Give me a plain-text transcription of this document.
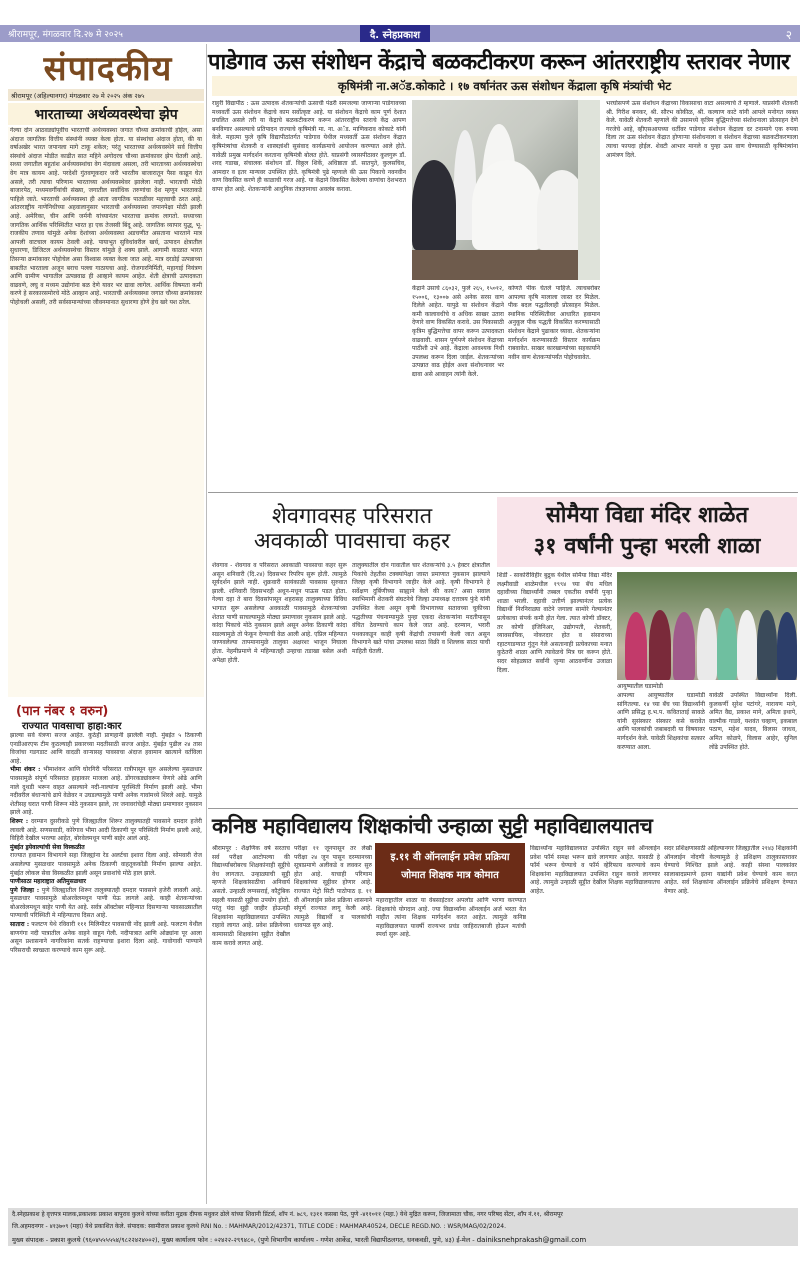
श्रीरामपूर, मंगळवार दि.२७ मे २०२५	दै. स्नेहप्रकाश	२
संपादकीय
श्रीरामपूर (अहिल्यानगर) मंगळवार २७ मे २०२५ अंक २७५
भारताच्या अर्थव्यवस्थेचा झेप
गेल्या दोन आठवड्यांपूर्वीच भारताची अर्थव्यवस्था जगात चौथ्या क्रमांकाची होईल, असा अंदाज जागतिक वित्तीय संस्थांनी व्यक्त केला होता. या संस्थांचा अंदाज होता, की या वर्षाअखेर भारत जपानला मागे टाकू शकेल; परंतु भारताच्या अर्थव्यवस्थेने सर्व वित्तीय संस्थांचे अंदाज मोडीत काढीत सात महिने अगोदरच चौथ्या क्रमांकावर झेप घेतली आहे. सध्या जगातील बहुतांश अर्थव्यवस्थांचा वेग मंदावला असला, तरी भारताच्या अर्थव्यवस्थेचा वेग मात्र कायम आहे. परदेशी गुंतवणूकदार जरी भारतीय बाजारातून पैसा काढून घेत असले, तरी त्याचा परिणाम भारताच्या अर्थव्यवस्थेवर झालेला नाही. भारताची मोठी बाजारपेठ, मध्यमवर्गीयांची संख्या, जगातील सर्वाधिक तरुणांचा देश म्हणून भारताकडे पाहिले जाते. भारताची अर्थव्यवस्था ही आता जागतिक पातळीवर महत्त्वाची ठरत आहे. आंतरराष्ट्रीय नाणेनिधीच्या अहवालानुसार भारताची अर्थव्यवस्था जपानपेक्षा मोठी झाली आहे. अमेरिका, चीन आणि जर्मनी यांच्यानंतर भारताचा क्रमांक लागतो. सध्याच्या जागतिक आर्थिक परिस्थितीत भारत हा एक तेजस्वी बिंदू आहे. जागतिक व्यापार युद्ध, भू-राजकीय तणाव यांमुळे अनेक देशांच्या अर्थव्यवस्था अडचणीत असताना भारताने मात्र आपली वाटचाल कायम ठेवली आहे. पायाभूत सुविधांवरील खर्च, उत्पादन क्षेत्रातील सुधारणा, डिजिटल अर्थव्यवस्थेचा विस्तार यांमुळे हे शक्य झाले. आगामी काळात भारत तिसऱ्या क्रमांकावर पोहोचेल असा विश्वास व्यक्त केला जात आहे. मात्र दरडोई उत्पन्नाच्या बाबतीत भारताला अजून बराच पल्ला गाठायचा आहे. रोजगारनिर्मिती, महागाई नियंत्रण आणि ग्रामीण भागातील उत्पन्नवाढ ही आव्हाने कायम आहेत. शेती क्षेत्राची उत्पादकता वाढवणे, लघु व मध्यम उद्योगांना बळ देणे यावर भर द्यावा लागेल. आर्थिक विषमता कमी करणे हे सरकारसमोरचे मोठे आव्हान आहे. भारताची अर्थव्यवस्था जगात चौथ्या क्रमांकावर पोहोचली असली, तरी सर्वसामान्यांच्या जीवनमानात सुधारणा होणे हेच खरे यश ठरेल.
पाडेगाव ऊस संशोधन केंद्राचे बळकटीकरण करून आंतरराष्ट्रीय स्तरावर नेणार
कृषिमंत्री ना.अॅड.कोकाटे । १७ वर्षानंतर ऊस संशोधन केंद्राला कृषि मंत्र्यांची भेट
राहुरी विद्यापीठ : ऊस उत्पादक शेतकऱ्यांची ऊसाची पंढरी समजल्या जाणार्‍या पाडेगावच्या मध्यवर्ती ऊस संशोधन केंद्राचे काम सर्वोत्कृष्ट आहे. या संशोधन केंद्राचे काम पूर्ण देशात प्रचलित असले तरी या केंद्राचे बळकटीकरण करून आंतरराष्ट्रीय स्तराचे केंद्र आपण बनविणार असल्याचे प्रतिपादन राज्याचे कृषिमंत्री मा. ना. अॅड. माणिकराव कोकाटे यांनी केले. महात्मा फुले कृषि विद्यापीठांतर्गत पाडेगाव येथील मध्यवर्ती ऊस संशोधन केंद्रात कृषिमंत्र्यांचा शेतकरी व शास्त्रज्ञांशी सुसंवाद कार्यक्रमाचे आयोजन करण्यात आले होते. यावेळी प्रमुख मार्गदर्शन करताना कृषिमंत्री बोलत होते. याप्रसंगी व्यासपीठावर कुलगुरू डॉ. शरद गडाख, संचालक संशोधन डॉ. विठ्ठल शिर्के, अधिष्ठाता डॉ. सातपुते, कुलसचिव, आमदार व इतर मान्यवर उपस्थित होते. कृषिमंत्री पुढे म्हणाले की ऊस पिकाचे नवनवीन वाण विकसित करणे ही काळाची गरज आहे. या केंद्राने विकसित केलेल्या वाणांचा देशभरात वापर होत आहे. शेतकऱ्यांनी आधुनिक तंत्रज्ञानाचा अवलंब करावा.
केंद्राने उसाचे ८६०३२, फुले २६५, १५०१२, १५००६, १३००७ असे अनेक सरस वाण दिलेले आहेत. यापुढे या संशोधन केंद्राने कमी कालावधीचे व अधिक साखर उतारा देणारे वाण विकसित करावे. उस पिकासाठी कृत्रिम बुद्धिमत्तेचा वापर करून उत्पादकता वाढवावी. शासन पूर्णपणे संशोधन केंद्राच्या पाठीशी उभे आहे. केंद्राला आवश्यक निधी उपलब्ध करून दिला जाईल. शेतकऱ्यांच्या उत्पन्नात वाढ होईल अशा संशोधनावर भर द्यावा असे आवाहन त्यांनी केले.
कोणते पीक घेतले पाहिजे. त्याचबरोबर आपल्या कृषि मालाला जास्त दर मिळेल. पीक बदल पद्धतीलाही प्रोत्साहन मिळेल. स्थानिक परिस्थितीवर आधारित हवामान अनुकूल पीक पद्धती विकसित करण्यासाठी संशोधन केंद्राने पुढाकार घ्यावा. शेतकऱ्यांना मार्गदर्शन करण्यासाठी विस्तार कार्यक्रम राबवावेत. साखर कारखान्यांच्या सहकार्याने नवीन वाण शेतकऱ्यांपर्यंत पोहोचवावेत.
भरघोसपणे ऊस संशोधन केंद्राच्या विकासाचा वाटा असल्याचे ते म्हणाले. याप्रसंगी शेतकरी श्री. गिरीश बनकर, श्री. सौरभ कोकीळ, श्री. कल्याण काटे यांनी आपले मनोगत व्यक्त केले. यावेळी शेतकरी म्हणाले की उसामध्ये कृत्रिम बुद्धिमत्तेच्या संशोधनाला प्रोत्साहन देणे गरजेचे आहे, व्हीएसआयच्या धर्तीवर पाडेगाव संशोधन केंद्राला दर टनामागे एक रुपया दिला तर ऊस संशोधन केंद्रात होणार्‍या संशोधनाला व संशोधन केंद्राच्या बळकटीकरणाला त्याचा फायदा होईल. शेवटी आभार मानले व पुन्हा ऊस वाण घेण्यासाठी कृषिमंत्र्यांना आमंत्रण दिले.
शेवगावसह परिसरात
अवकाळी पावसाचा कहर
शेवगाव - शेवगाव व परिसरात अवकाळी पावसाचा कहर सुरू असून शनिवारी (दि.२४) दिवसभर रिपरिप सुरू होती. त्यामुळे सूर्यदर्शन झाले नाही. शुक्रवारी सायंकाळी पावसास सुरुवात झाली. शनिवारी दिवसभरही अधून-मधून पाऊस पडत होता. गेल्या दहा ते बारा दिवसांपासून शहरासह तालुक्याच्या विविध भागात सुरू असलेल्या अवकाळी पावसामुळे शेतकऱ्यांच्या शेतात पाणी साचल्यामुळे मोठ्या प्रमाणावर नुकसान झाले आहे. कांदा पिकाचे मोठे नुकसान झाले असून अनेक ठिकाणी कांदा सडल्यामुळे तो फेकून देण्याची वेळ आली आहे. एप्रिल महिन्यात जाणवलेल्या तापमानामुळे तालुका अक्षरशः भाजून निघाला होता. नेहमीप्रमाणे मे महिन्यातही उन्हाचा तडाखा बसेल अशी अपेक्षा होती.
तालुक्यातील दोन गावातील चार शेतकऱ्यांचे ३.५ हेक्टर क्षेत्रातील पिकांचे तेहतीस टक्क्यांपेक्षा जास्त प्रमाणात नुकसान झाल्याने जिल्हा कृषी विभागाने जाहीर केले आहे. कृषी विभागाने हे सर्वेक्षण दुर्बिणीच्या साह्याने केले की काय? असा सवाल स्वाभिमानी शेतकरी संघटनेचे जिल्हा उपाध्यक्ष दत्तात्रय फुंदे यांनी उपस्थित केला असून कृषी विभागाच्या सतावच्या चुकीच्या पद्धतीच्या पंचनाम्यामुळे पुन्हा एकदा शेतकऱ्यांना मदतीपासून वंचित ठेवण्याचे काम केले जात आहे. दरम्यान, भरारी पथकाकडून काही कृषी केंद्रांची तपासणी केली जात असून विभागाने खते पांचा उपलब्ध साठा विक्री व शिल्लक साठा याची माहिती घेतली.
सोमैया विद्या मंदिर शाळेत
३१ वर्षांनी पुन्हा भरली शाळा
शिर्डी - साकोरीविहीर बुद्रुक येथील सोमैया विद्या मंदिर लक्ष्मीवाडी शाळेमधील १९९४ च्या बॅच मधिल दहावीच्या विद्यार्थ्यांनी तब्बल एकतीस वर्षांनी पुन्हा शाळा भरली. दहावी उत्तीर्ण झाल्यानंतर प्रत्येक विद्यार्थी निरनिराळ्या वाटेने जगाला सामोरे गेल्यानंतर प्रत्येकाचा संपर्क कमी होत गेला. त्यात कोणी डॉक्टर, तर कोणी इंजिनिअर, उद्योगपती, शेतकरी, व्यावसायिक, नोकरदार होत व संसाराच्या रहाटगाडग्यात गुंतून गेले असतानाही प्रत्येकाच्या मनात कुठेतरी शाळा आणि त्यावेळचे मित्र घर करून होते. सदर सोहळ्यात सर्वांनी जुन्या आठवणींना उजाळा दिला.
आयुष्यातील घडामोडी
आपल्या आयुष्यातील घडामोडी सांगितल्या. १४ च्या बॅच च्या विद्यार्थ्यांनी आणि प्रसिद्ध ह.भ.प. कविताताई सावळे यांनी सुसंस्कार संस्कार कसे करावेत आणि पालकांची जबाबदारी या विषयावर मार्गदर्शन केले. यावेळी शिक्षकांचा सत्कार करण्यात आला.
यावेळी उपस्थित विद्यार्थ्यांना दिली. कुलकर्णी सुरेश पटांगरे, नारायण माने, अमित वैद्य, प्रकाश माने, अमिता इथापे, वाल्मीक गाडवे, यशवंत चव्हाण, इकबाल पठाण, महेश यादव, विलास जाधव, अमित कोळपे, विलास आहेर, सुनिल लोंढे उपस्थित होते.
(पान नंबर १ वरुन)
राज्यात पावसाचा हाहा:कार

झाल्या सर्व यंत्रणा सज्ज आहेत. कुठेही प्राणहानी झालेली नाही. मुंबईत ५ ठिकाणी एनडीआरएफ टीम कुठल्याही प्रकारच्या मदतीसाठी सज्ज आहेत. मुंबईत पुढील २४ तास विजांचा गडगडाट आणि वादळी वाऱ्यासह पावसाचा अंदाज हवामान खात्याने वर्तविला आहे.

भीमा शंकर : भीमाशंकर आणि घोरगिरी परिसरात रात्रीपासून सुरु असलेल्या मुसळधार पावसामुळे संपूर्ण परिसरात हाहाकार माजला आहे. डोंगरकड्यांवरून येणारे ओढे आणि नाले दुथडी भरून वाहत असल्याने नदी-नाल्यांना पूरस्थिती निर्माण झाली आहे. भीमा नदीवरील बंधाऱ्यांचे ढापे वेळेवर न उघडल्यामुळे पाणी अनेक गावांमध्ये शिरले आहे. यामुळे शेतीसह घरात पाणी शिरून मोठे नुकसान झाले, तर जनावरांचेही मोठ्या प्रमाणावर नुकसान झाले आहे.

शिरूर : दरम्यान दुसरीकडे पुणे जिल्ह्यातील शिरूर तालुक्यातही पावसाने दमदार हजेरी लावली आहे. सणसवाडी, कोरेगाव भीमा आदी ठिकाणी पूर परिस्थिती निर्माण झाली आहे, विहिरी देखील भरल्या आहेत, बोरवेलमधून पाणी बाहेर आलं आहे.

मुंबईत ड्रयेवाल्यांची सेवा विस्कळीत

राज्यात हवामान विभागाने सहा जिल्ह्यांना रेड अलर्टचा इशारा दिला आहे. सोमवारी रोज असलेल्या मुसळधार पावसामुळे अनेक ठिकाणी वाहतूककोंडी निर्माण झाल्या आहेत. मुंबईत लोकल सेवा विस्कळीत झाली असून प्रवाशांचे मोठे हाल झाले.

पाणीसाठा महाराष्ट्रात अतिमुसळधार

पुणे जिल्हा : पुणे जिल्ह्यातील शिरूर तालुक्यातही दमदार पावसाने हजेरी लावली आहे. मुसळधार पावसामुळे बोअरवेलमधून पाणी येऊ लागले आहे. काही शेतकऱ्यांच्या बोअरवेलमधून बाहेर पाणी येत आहे. सर्वत्र ऑक्टोबर महिन्यात दिसणाऱ्या पावसाळ्यातील पाण्याची परिस्थिती मे महिन्यातच दिसत आहे.

सातारा : फलटण येथे रविवारी १११ मिलिमीटर पावसाची नोंद झाली आहे. फलटण येथील बाणगंगा नदी पात्रातील अनेक वाहने वाहून गेली. नदीपात्रात आणि ओढ्यांना पूर आला असून प्रशासनाने नागरिकांना सतर्क राहण्याचा इशारा दिला आहे. गावोगावी पाण्याने परिसराची स्वच्छता करण्याचे काम सुरू आहे.

कनिष्ठ महाविद्यालय शिक्षकांची उन्हाळा सुट्टी महाविद्यालयातच
श्रीरामपूर : शैक्षणिक वर्ष सरताच सर्व परीक्षा आटोपल्या की विद्यार्थ्यांबरोबरच शिक्षकांनाही सुट्टीचे वेध लागतात. उन्हाळ्याची सुट्टी म्हणजे शिक्षकांसाठीचा अनिवार्य असतो. उन्हाळी लग्नसराई, कौटुंबिक सहली यासाठी सुट्टीचा उपयोग होतो. परंतु यंदा सुट्टी जाहीर होऊनही शिक्षकांना महाविद्यालयात उपस्थित राहावे लागत आहे. प्रवेश प्रक्रियेच्या कामासाठी शिक्षकांना सुट्टीत देखील काम करावे लागत आहे.
परीक्षा ११ जूनपासून तर लेखी परीक्षा २४ जून पासून दरम्यानच्या सूत्राप्रमाणे अलीकडे व लवकर सुरु होत आहे. याचाही परिणाम शिक्षकांच्या सुट्टीवर होणार आहे. राज्यात मेट्रो सिटी पाठोपाठ इ. ११ वी ऑनलाईन प्रवेश प्रक्रिया शासनाने संपूर्ण राज्यात लागू केली आहे. त्यामुळे विद्यार्थी व पालकांची धावपळ सुरु आहे.
इ.११ वी ऑनलाईन प्रवेश प्रक्रिया
जोमात शिक्षक मात्र कोमात
महाराष्ट्रातील शाळा या वेबसाईटवर अपलोड आणि भरणा करण्यात शिक्षकांचे योगदान आहे. ज्या विद्यार्थ्यांना ऑनलाईन अर्ज भरता येत नाहीत त्यांना शिक्षक मार्गदर्शन करत आहेत. त्यामुळे कनिष्ठ महाविद्यालयात यावर्षी राज्यभर प्रचंड जाहिरातबाजी होऊन मतांची स्पर्धा सुरू आहे.
विद्यार्थ्यांना महाविद्यालयात उपस्थित राहून सर्व ऑनलाईन प्रवेश फॉर्म समक्ष भरून द्यावे लागणार आहेत. यासाठी हे फॉर्म भरून घेण्याचे व फॉर्म व्हेरिफाय करण्याचे काम शिक्षकांना महाविद्यालयात उपस्थित राहून करावे लागणार आहे. त्यामुळे उन्हाळी सुट्टीत देखील शिक्षक महाविद्यालयातच आहेत.
सदर प्रशिक्षणासाठी अहिल्यानगर जिल्ह्यातील २१४३ शिक्षकांनी ऑनलाईन नोंदणी केल्यामुळे हे प्रशिक्षण तालुकास्तरावर घेण्याचे निश्चित झाले आहे. काही संस्था पालकांवर सालाबादप्रमाणे इतना याद्यांनी प्रवेश घेण्याचे काम करत आहेत. सर्व शिक्षकांना ऑनलाईन प्रक्रियेचे प्रशिक्षण देण्यात येणार आहे.
दै.स्नेहप्रकाश हे वृत्तपत्र मालक,प्रकाशक प्रकाश बापुराव कुलथे यांच्या करीता मुद्रक दीपक मधुकर ढोले यांच्या शिवानी प्रिंटर्स, शॉप नं. ७८९, १३११ कसबा पेठ, पुणे -४११०११ (महा.) येथे मुद्रित करून, जिजामाता चौक, नगर परिषद सेंटर, शॉप नं.११, श्रीरामपूर
जि.अहमदनगर - ४१३७०९ (महा) येथे प्रकाशित केले. संपादक: स्वामीराज प्रकाश कुलथे RNI No. : MAHMAR/2012/42371, TITLE CODE : MAHMAR40524, DECLE REGD.NO. : WSR/MAG/02/2024.
मुख्य संपादक - प्रकाश कुलथे (९६०४५५५५५४/९८२२४२४००२), मुख्य कार्यालय फोन : ०२४२२-२९९४८०, (पुणे विभागीय कार्यालय - गणेश आर्केड, भारती विद्यापीठलगत, धनकवडी, पुणे, ४३) ई-मेल - dainiksnehprakash@gmail.com
